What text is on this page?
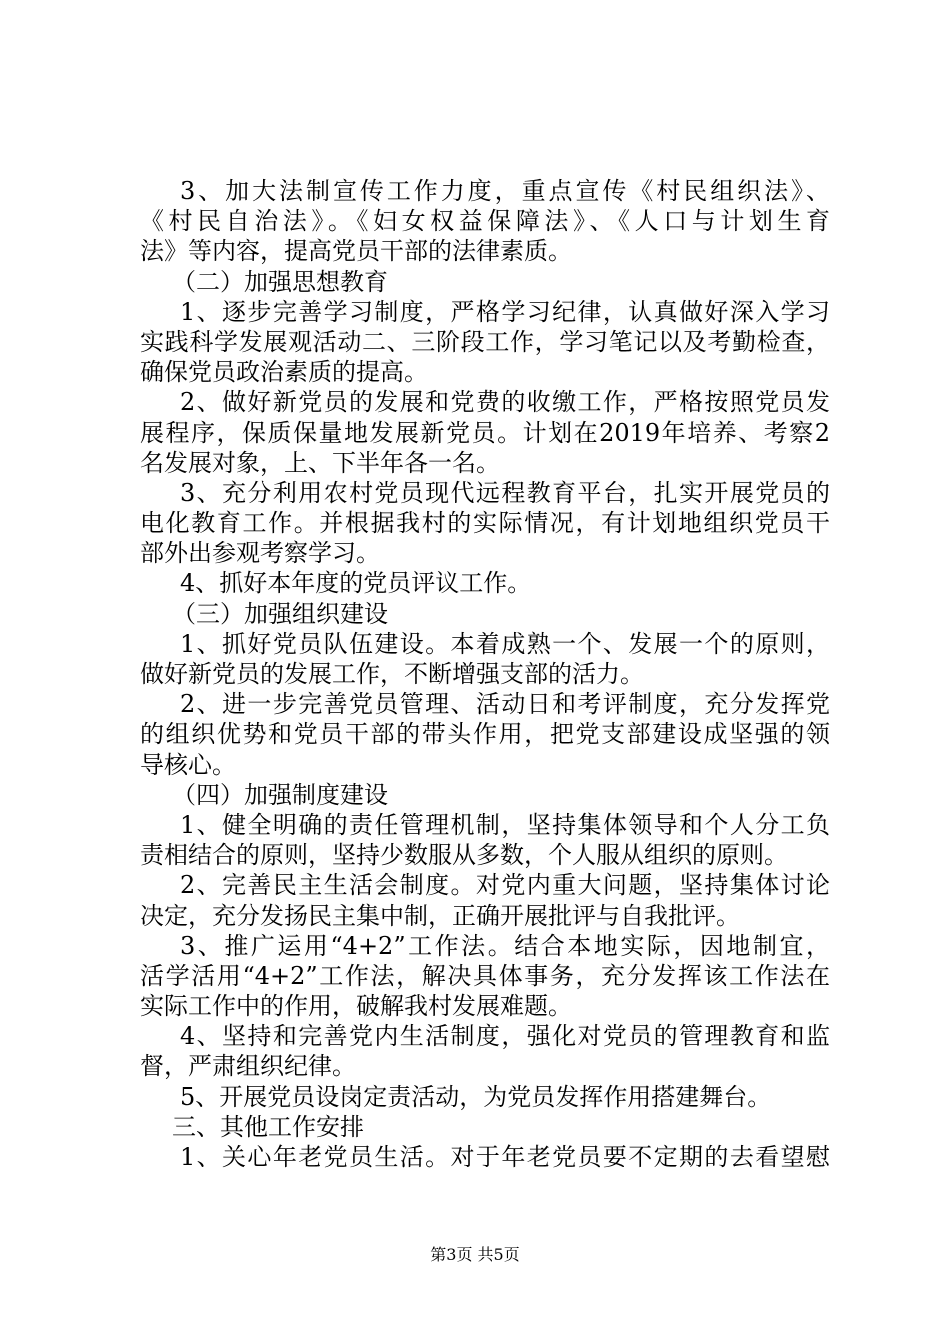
3、加大法制宣传工作力度，重点宣传《村民组织法》、
《村民自治法》。《妇女权益保障法》、《人口与计划生育
法》等内容，提高党员干部的法律素质。
（二）加强思想教育
1、逐步完善学习制度，严格学习纪律，认真做好深入学习
实践科学发展观活动二、三阶段工作，学习笔记以及考勤检查，
确保党员政治素质的提高。
2、做好新党员的发展和党费的收缴工作，严格按照党员发
展程序，保质保量地发展新党员。计划在2019年培养、考察2
名发展对象，上、下半年各一名。
3、充分利用农村党员现代远程教育平台，扎实开展党员的
电化教育工作。并根据我村的实际情况，有计划地组织党员干
部外出参观考察学习。
4、抓好本年度的党员评议工作。
（三）加强组织建设
1、抓好党员队伍建设。本着成熟一个、发展一个的原则，
做好新党员的发展工作，不断增强支部的活力。
2、进一步完善党员管理、活动日和考评制度，充分发挥党
的组织优势和党员干部的带头作用，把党支部建设成坚强的领
导核心。
（四）加强制度建设
1、健全明确的责任管理机制，坚持集体领导和个人分工负
责相结合的原则，坚持少数服从多数，个人服从组织的原则。
2、完善民主生活会制度。对党内重大问题，坚持集体讨论
决定，充分发扬民主集中制，正确开展批评与自我批评。
3、推广运用“4+2”工作法。结合本地实际，因地制宜，
活学活用“4+2”工作法，解决具体事务，充分发挥该工作法在
实际工作中的作用，破解我村发展难题。
4、坚持和完善党内生活制度，强化对党员的管理教育和监
督，严肃组织纪律。
5、开展党员设岗定责活动，为党员发挥作用搭建舞台。
三、其他工作安排
1、关心年老党员生活。对于年老党员要不定期的去看望慰
第3页 共5页
